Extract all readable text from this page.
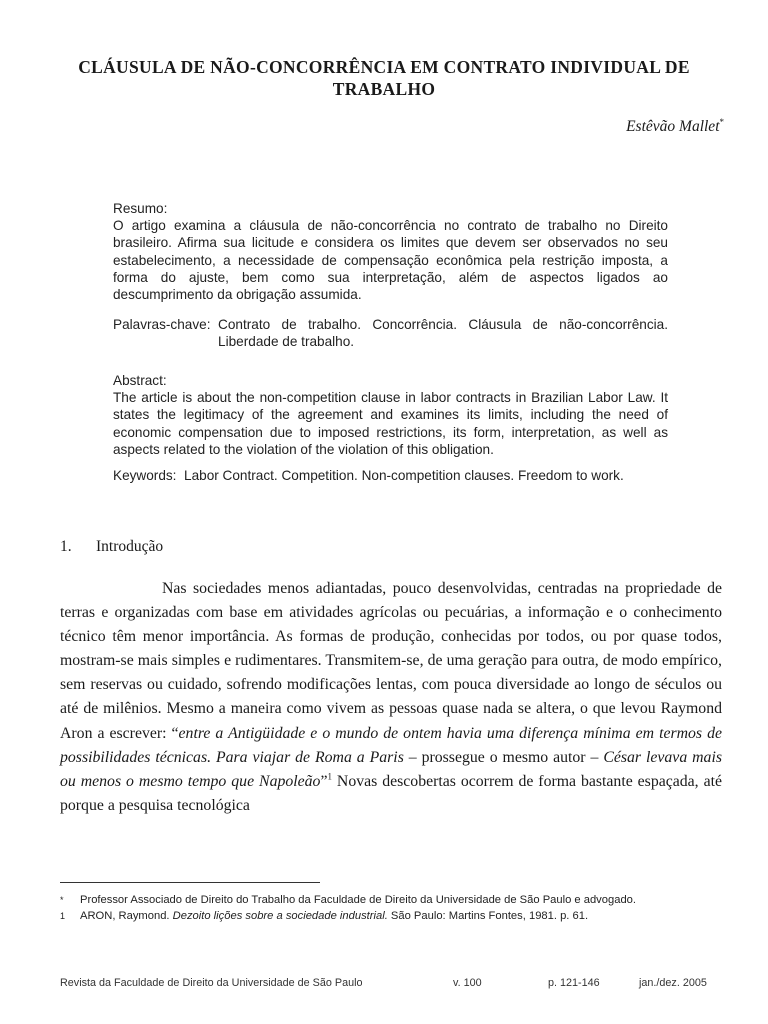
CLÁUSULA DE NÃO-CONCORRÊNCIA EM CONTRATO INDIVIDUAL DE TRABALHO
Estêvão Mallet*

Resumo:

O artigo examina a cláusula de não-concorrência no contrato de trabalho no Direito brasileiro. Afirma sua licitude e considera os limites que devem ser observados no seu estabelecimento, a necessidade de compensação econômica pela restrição imposta, a forma do ajuste, bem como sua interpretação, além de aspectos ligados ao descumprimento da obrigação assumida.

Palavras-chave: Contrato de trabalho. Concorrência. Cláusula de não-concorrência. Liberdade de trabalho.

Abstract:

The article is about the non-competition clause in labor contracts in Brazilian Labor Law. It states the legitimacy of the agreement and examines its limits, including the need of economic compensation due to imposed restrictions, its form, interpretation, as well as aspects related to the violation of the violation of this obligation.

Keywords: Labor Contract. Competition. Non-competition clauses. Freedom to work.
1. Introdução

Nas sociedades menos adiantadas, pouco desenvolvidas, centradas na propriedade de terras e organizadas com base em atividades agrícolas ou pecuárias, a informação e o conhecimento técnico têm menor importância. As formas de produção, conhecidas por todos, ou por quase todos, mostram-se mais simples e rudimentares. Transmitem-se, de uma geração para outra, de modo empírico, sem reservas ou cuidado, sofrendo modificações lentas, com pouca diversidade ao longo de séculos ou até de milênios. Mesmo a maneira como vivem as pessoas quase nada se altera, o que levou Raymond Aron a escrever: “entre a Antigüidade e o mundo de ontem havia uma diferença mínima em termos de possibilidades técnicas. Para viajar de Roma a Paris – prossegue o mesmo autor – César levava mais ou menos o mesmo tempo que Napoleão”$^1$ Novas descobertas ocorrem de forma bastante espaçada, até porque a pesquisa tecnológica

*	Professor Associado de Direito do Trabalho da Faculdade de Direito da Universidade de São Paulo e advogado.
1	ARON, Raymond. Dezoito lições sobre a sociedade industrial. São Paulo: Martins Fontes, 1981. p. 61.
Revista da Faculdade de Direito da Universidade de São Paulo	v. 100	p. 121-146	jan./dez. 2005
